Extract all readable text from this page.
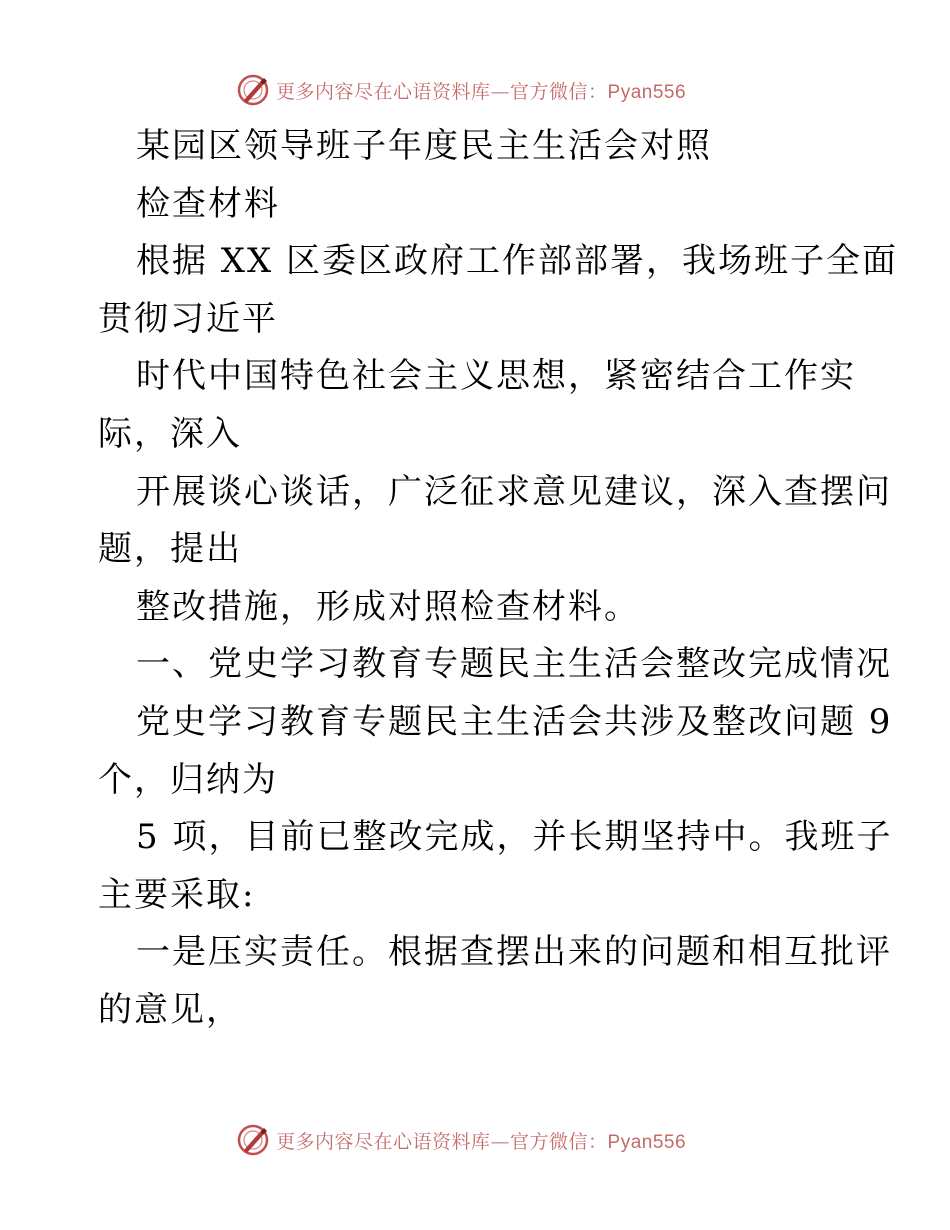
更多内容尽在心语资料库—官方微信：Pyan556
某园区领导班子年度民主生活会对照
检查材料
根据 XX 区委区政府工作部部署，我场班子全面
贯彻习近平
时代中国特色社会主义思想，紧密结合工作实
际，深入
开展谈心谈话，广泛征求意见建议，深入查摆问
题，提出
整改措施，形成对照检查材料。
一、党史学习教育专题民主生活会整改完成情况
党史学习教育专题民主生活会共涉及整改问题 9
个，归纳为
5 项，目前已整改完成，并长期坚持中。我班子
主要采取:
一是压实责任。根据查摆出来的问题和相互批评
的意见，
更多内容尽在心语资料库—官方微信：Pyan556
